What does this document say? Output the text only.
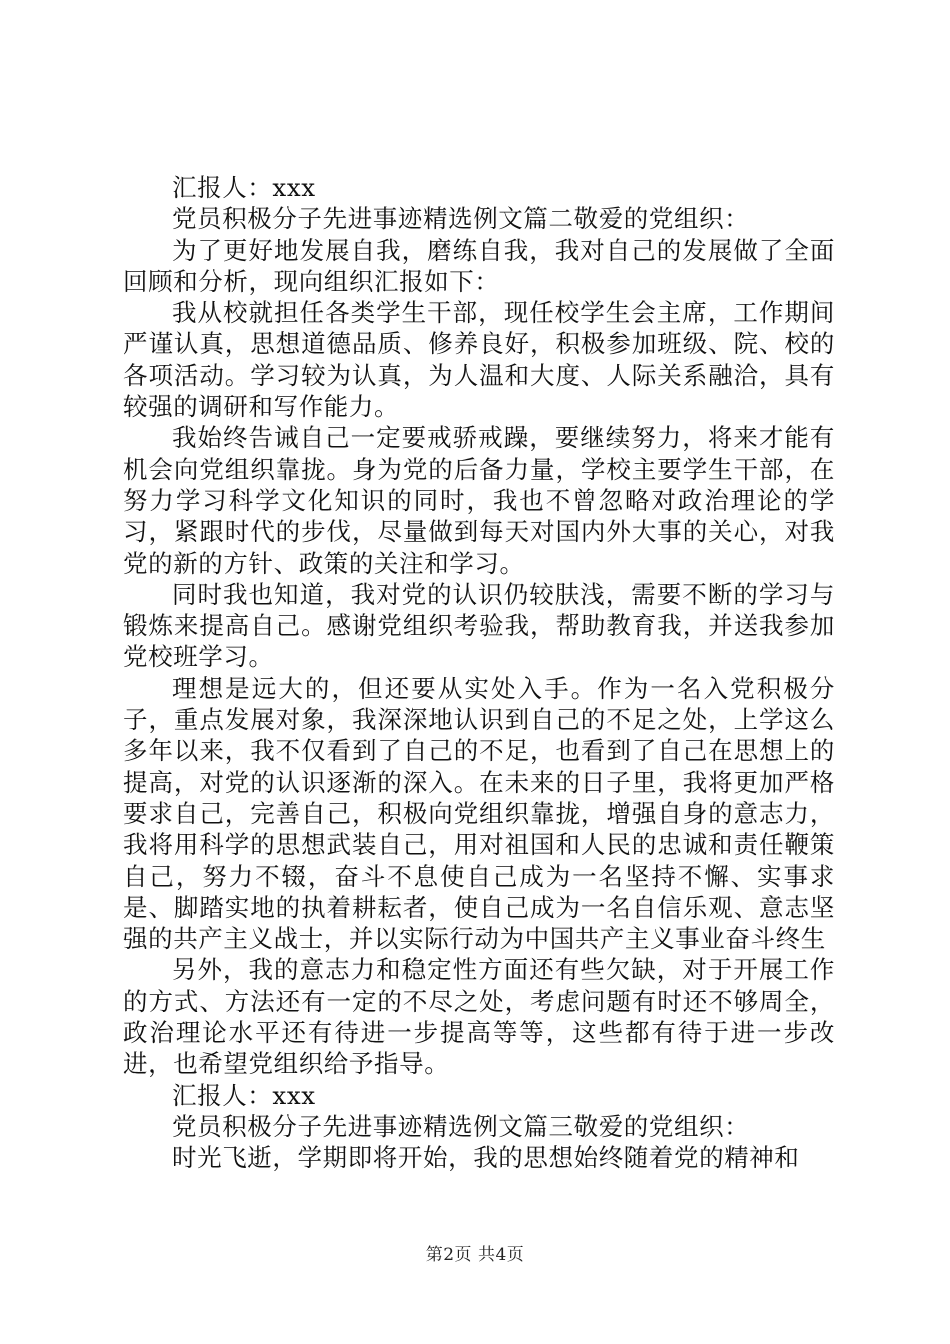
汇报人：xxx

党员积极分子先进事迹精选例文篇二敬爱的党组织：

为了更好地发展自我，磨练自我，我对自己的发展做了全面回顾和分析，现向组织汇报如下：

我从校就担任各类学生干部，现任校学生会主席，工作期间严谨认真，思想道德品质、修养良好，积极参加班级、院、校的各项活动。学习较为认真，为人温和大度、人际关系融洽，具有较强的调研和写作能力。

我始终告诫自己一定要戒骄戒躁，要继续努力，将来才能有机会向党组织靠拢。身为党的后备力量，学校主要学生干部，在努力学习科学文化知识的同时，我也不曾忽略对政治理论的学习，紧跟时代的步伐，尽量做到每天对国内外大事的关心，对我党的新的方针、政策的关注和学习。

同时我也知道，我对党的认识仍较肤浅，需要不断的学习与锻炼来提高自己。感谢党组织考验我，帮助教育我，并送我参加党校班学习。

理想是远大的，但还要从实处入手。作为一名入党积极分子，重点发展对象，我深深地认识到自己的不足之处，上学这么多年以来，我不仅看到了自己的不足，也看到了自己在思想上的提高，对党的认识逐渐的深入。在未来的日子里，我将更加严格要求自己，完善自己，积极向党组织靠拢，增强自身的意志力，我将用科学的思想武装自己，用对祖国和人民的忠诚和责任鞭策自己，努力不辍，奋斗不息使自己成为一名坚持不懈、实事求是、脚踏实地的执着耕耘者，使自己成为一名自信乐观、意志坚强的共产主义战士，并以实际行动为中国共产主义事业奋斗终生

另外，我的意志力和稳定性方面还有些欠缺，对于开展工作的方式、方法还有一定的不尽之处，考虑问题有时还不够周全，政治理论水平还有待进一步提高等等，这些都有待于进一步改进，也希望党组织给予指导。

汇报人：xxx

党员积极分子先进事迹精选例文篇三敬爱的党组织：

时光飞逝，学期即将开始，我的思想始终随着党的精神和

第2页 共4页
